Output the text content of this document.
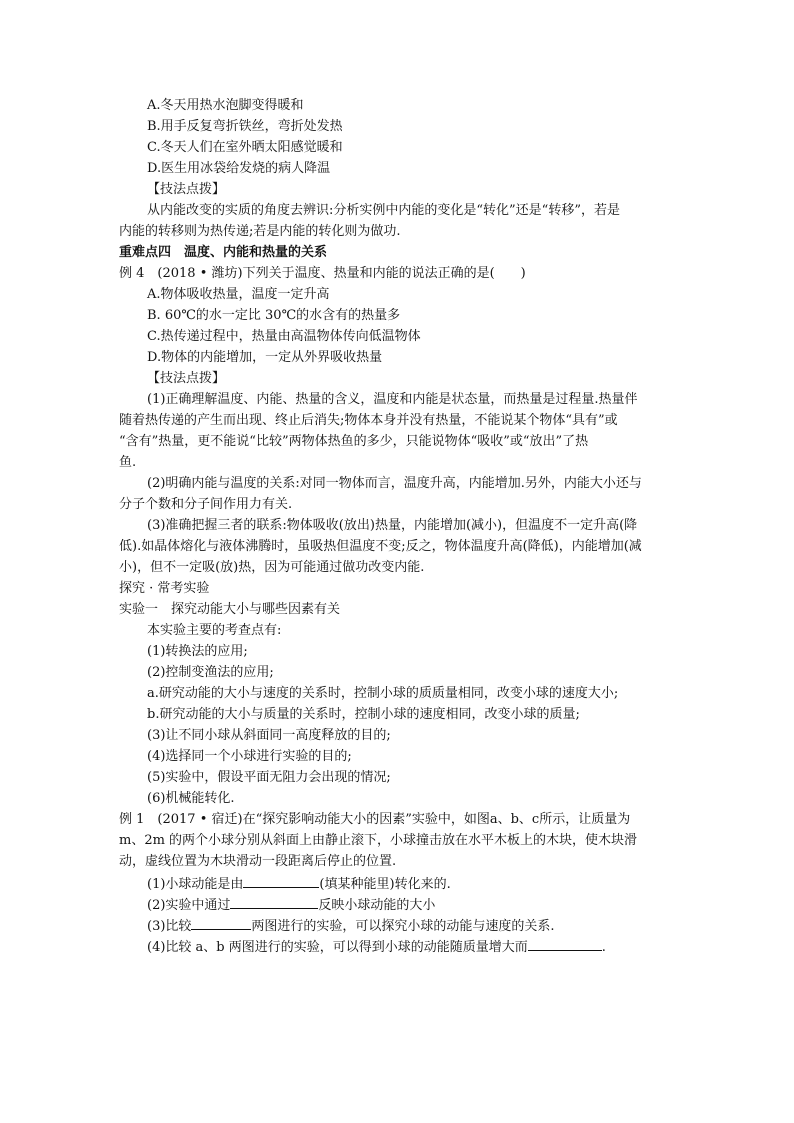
A.冬天用热水泡脚变得暖和
B.用手反复弯折铁丝，弯折处发热
C.冬天人们在室外晒太阳感觉暖和
D.医生用冰袋给发烧的病人降温
【技法点拨】
从内能改变的实质的角度去辨识:分析实例中内能的变化是“转化”还是“转移”，若是
内能的转移则为热传递;若是内能的转化则为做功.
重难点四　温度、内能和热量的关系
例 4　(2018 • 潍坊)下列关于温度、热量和内能的说法正确的是(　　)
A.物体吸收热量，温度一定升高
B. 60℃的水一定比 30℃的水含有的热量多
C.热传递过程中，热量由高温物体传向低温物体
D.物体的内能增加，一定从外界吸收热量
【技法点拨】
(1)正确理解温度、内能、热量的含义，温度和内能是状态量，而热量是过程量.热量伴
随着热传递的产生而出现、终止后消失;物体本身并没有热量，不能说某个物体“具有”或
“含有”热量，更不能说“比较”两物体热鱼的多少，只能说物体“吸收”或“放出”了热
鱼.
(2)明确内能与温度的关系:对同一物体而言，温度升高，内能增加.另外，内能大小还与
分子个数和分子间作用力有关.
(3)准确把握三者的联系:物体吸收(放出)热量，内能增加(减小)，但温度不一定升高(降
低).如晶体熔化与液体沸腾时，虽吸热但温度不变;反之，物体温度升高(降低)，内能增加(减
小)，但不一定吸(放)热，因为可能通过做功改变内能.
探究 · 常考实验
实验一　探究动能大小与哪些因素有关
本实验主要的考查点有:
(1)转换法的应用;
(2)控制变渔法的应用;
a.研究动能的大小与速度的关系时，控制小球的质质量相同，改变小球的速度大小;
b.研究动能的大小与质量的关系时，控制小球的速度相同，改变小球的质量;
(3)让不同小球从斜面同一高度释放的目的;
(4)选择同一个小球进行实验的目的;
(5)实验中，假设平面无阻力会出现的情况;
(6)机械能转化.
例 1　(2017 • 宿迁)在“探究影响动能大小的因素”实验中，如图a、b、c所示，让质量为
m、2m 的两个小球分别从斜面上由静止滚下，小球撞击放在水平木板上的木块，使木块滑
动，虚线位置为木块滑动一段距离后停止的位置.
(1)小球动能是由	(填某种能里)转化来的.
(2)实验中通过	反映小球动能的大小
(3)比较	两图进行的实验，可以探究小球的动能与速度的关系.
(4)比较 a、b 两图进行的实验，可以得到小球的动能随质量增大而	.
